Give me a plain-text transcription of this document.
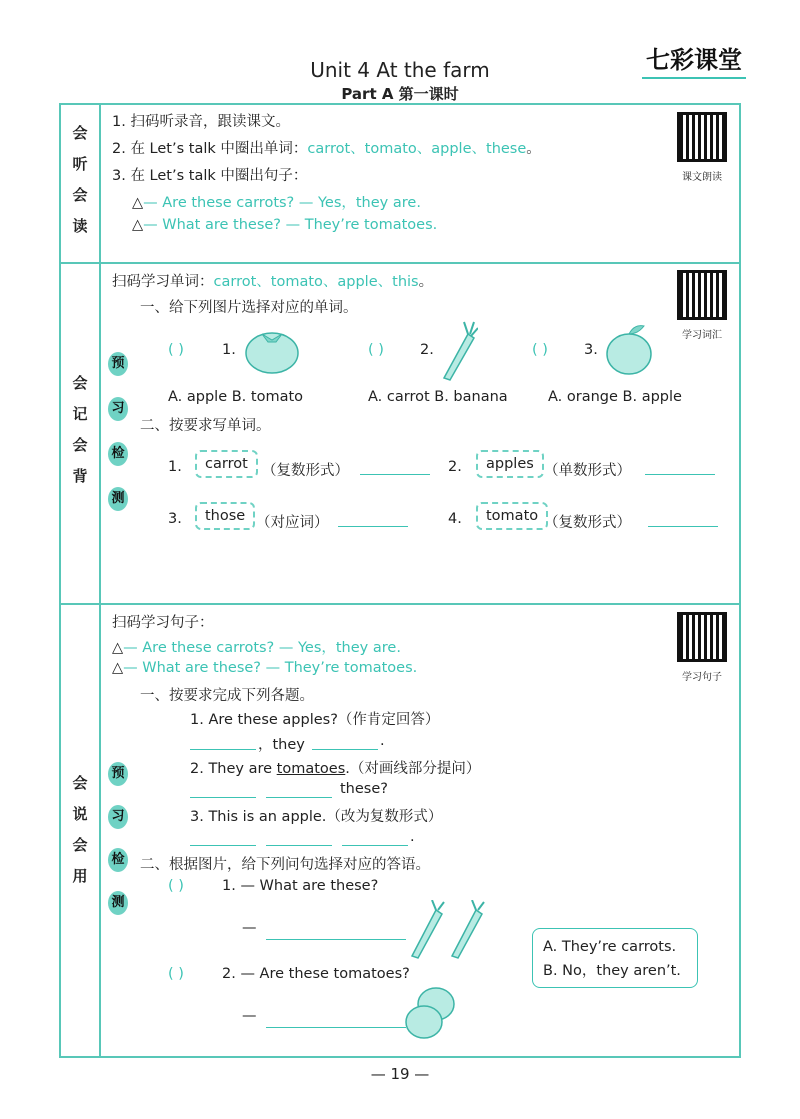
七彩课堂
Unit 4 At the farm
Part A 第一课时
会
听
会
读
1. 扫码听录音，跟读课文。
2. 在 Let’s talk 中圈出单词：carrot、tomato、apple、these。
3. 在 Let’s talk 中圈出句子：
△— Are these carrots? — Yes，they are.
△— What are these? — They’re tomatoes.
课文朗读
会
记
会
背
预
习
检
测
扫码学习单词：carrot、tomato、apple、this。
学习词汇
一、给下列图片选择对应的单词。
( )	1.	( ) 2.	( ) 3.
A. apple B. tomato	A. carrot B. banana	A. orange B. apple
二、按要求写单词。
1.	carrot （复数形式）	2.	apples （单数形式）
3.	those （对应词）	4.	tomato （复数形式）
会
说
会
用
预
习
检
测
扫码学习句子：
△— Are these carrots? — Yes，they are.
△— What are these? — They’re tomatoes.
学习句子
一、按要求完成下列各题。
1. Are these apples?（作肯定回答）
，they	.
2. They are tomatoes.（对画线部分提问）
these?
3. This is an apple.（改为复数形式）
.
二、根据图片，给下列问句选择对应的答语。
( )	1. — What are these?
—
( )	2. — Are these tomatoes?
—
A. They’re carrots.
B. No，they aren’t.
— 19 —
